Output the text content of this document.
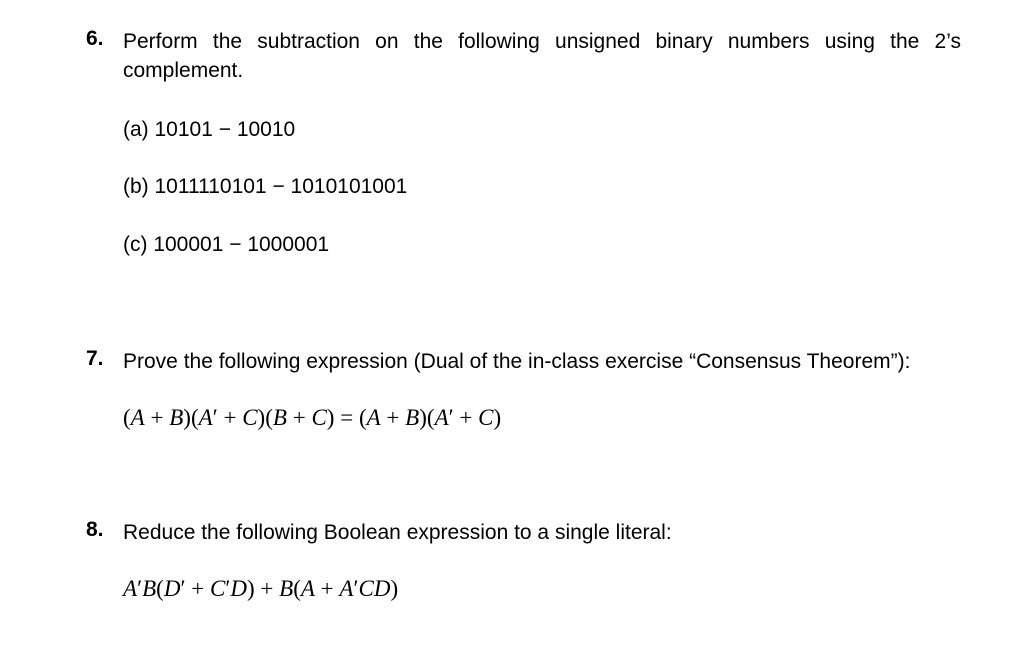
6. Perform the subtraction on the following unsigned binary numbers using the 2’s complement.
(a) 10101 − 10010
(b) 1011110101 − 1010101001
(c) 100001 − 1000001
7. Prove the following expression (Dual of the in-class exercise “Consensus Theorem”):
(A + B)(A′ + C)(B + C) = (A + B)(A′ + C)
8. Reduce the following Boolean expression to a single literal:
A′B(D′ + C′D) + B(A + A′CD)
